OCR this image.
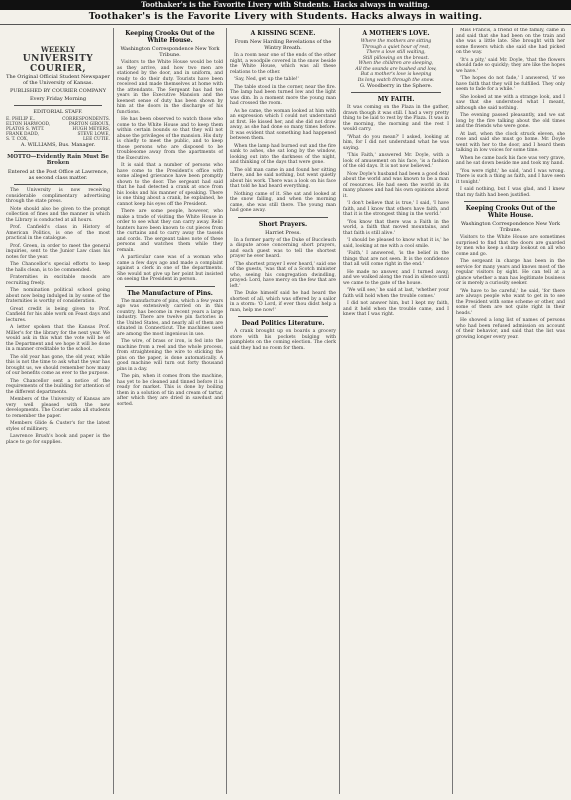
Toothaker's is the Favorite Livery with Students. Hacks always in waiting.
Toothaker's is the Favorite Livery with Students. Hacks always in waiting.
WEEKLY
UNIVERSITY COURIER,
The Original Official Student Newspaper of the University of Kansas.
PUBLISHED BY COURIER COMPANY
Every Friday Morning
EDITORIAL STAFF.
E. PHILIP E..	CORRESPONDENTS.
ELTON HARWOOD,	PARTON GIROUX,
PLATOS S. WITT.	HUGH MEYERS,
FRANK DADD,	STEVE LOWE,
S. T. COX,	LEE CUTIE.
A. WILLIAMS, Bus. Manager.
MOTTO—Evidently Rain Must Be Broken
Entered at the Post Office at Lawrence, as second class matter.

The University is now receiving considerable complimentary advertising through the state press.

Note should also be given to the prompt collection of fines and the manner in which the Library is conducted at all hours.

Prof. Canfield's class in History of American Politics, is one of the most practical in the catalogue.

Prof. Green, in order to meet the general inquiries, sent to the Junior Law class his notes for the year.

The Chancellor's special efforts to keep the halls clean, is to be commended.

Fraternities in excitable moods are recruiting freely.

The nomination political school going about now being indulged in by some of the fraternities is worthy of consideration.

Great credit is being given to Prof. Canfield for his able work on Feast days and lectures.

A letter spoken that the Kansas Prof. Miller's for the library for the next year. We would ask in this what the vote will be of the Department and we hope it will be done in a manner creditable to the school.

The old year has gone, the old year, while this is not the time to ask what the year has brought us, we should remember how many of our benefits come as ever to the purpose.

The Chancellor sent a notice of the requirements of the building for attention of the different departments.

Members of the University of Kansas are very well pleased with the new developments. The Courier asks all students to remember the paper.

Members Glide & Custer's for the latest styles of millinery.

Lawrence Brush's book and paper is the place to go for supplies.

Keeping Crooks Out of the White House.
Washington Correspondence New York Tribune.

Visitors to the White House would be told as they arrive, and how two men are stationed by the door, and in uniform, and ready to do their duty. Tourists have been received and made themselves at home with the attendants. The Sergeant has had ten years in the Executive Mansion and the keenest sense of duty has been shown by him at the doors in the discharge of his functions.

He has been observed to watch those who come to the White House and to keep them within certain bounds so that they will not abuse the privileges of the mansion. His duty is chiefly to meet the public, and to keep those persons who are disposed to be troublesome away from the apartments of the Executive.

It is said that a number of persons who have come to the President's office with some alleged grievance have been promptly shown to the door. The sergeant had said that he had detected a crank at once from his looks and his manner of speaking. There is one thing about a crank, he explained, he cannot keep his eyes off the President.

There are some people, however, who make a trade of visiting the White House in order to see what they can carry away. Relic hunters have been known to cut pieces from the curtains and to carry away the tassels and cords. The sergeant takes note of these persons and watches them while they remain.

A particular case was of a woman who came a few days ago and made a complaint against a clerk in one of the departments. She would not give up her point but insisted on seeing the President in person.

The Manufacture of Pins.

The manufacture of pins, which a few years ago was extensively carried on in this country, has become in recent years a large industry. There are twelve pin factories in the United States, and nearly all of them are situated in Connecticut. The machines used are among the most ingenious in use.

The wire, of brass or iron, is fed into the machine from a reel and the whole process, from straightening the wire to sticking the pins on the paper, is done automatically. A good machine will turn out forty thousand pins in a day.

The pin, when it comes from the machine, has yet to be cleaned and tinned before it is ready for market. This is done by boiling them in a solution of tin and cream of tartar, after which they are dried in sawdust and sorted.

A KISSING SCENE.
From New Harding Revelations of the Wintry Breath.

In a room near one of the ends of the other night, a woodpile covered in the snow beside the White House, which was all these relations to the other.

'Say, Ned, get up the table!'

The table stood in the corner, near the fire. The lamp had been turned low and the light was dim. In a moment more the young man had crossed the room.

As he came, the woman looked at him with an expression which I could not understand at first. He kissed her, and she did not draw away, as she had done so many times before. It was evident that something had happened between them.

When the lamp had burned out and the fire sank to ashes, she sat long by the window, looking out into the darkness of the night, and thinking of the days that were gone.

The old man came in and found her sitting there, and he said nothing, but went quietly about his work. There was a look on his face that told he had heard everything.

Nothing came of it. She sat and looked at the snow falling, and when the morning came, she was still there. The young man had gone away.

Short Prayers.
Harriet Press.

In a former party of the Duke of Buccleuch a dispute arose concerning short prayers, and each guest was to tell the shortest prayer he ever heard.

'The shortest prayer I ever heard,' said one of the guests, 'was that of a Scotch minister who, seeing his congregation dwindling, prayed: Lord, have mercy on the few that are left.'

The Duke himself said he had heard the shortest of all, which was offered by a sailor in a storm: 'O Lord, if ever thou didst help a man, help me now!'

Dead Politics Literature.

A crank brought up on boards a grocery store with his pockets bulging with pamphlets on the coming election. The clerk said they had no room for them.

A MOTHER'S LOVE.

Where the mothers are sitting

Through a quiet hour of rest,

There a love still waiting,

Still pillowing on the breast.

When the children are sleeping,

All the sounds are hushed and low,

But a mother's love is keeping

Its long watch through the snow.

G. Woodberry in the Sphere.
MY FAITH.

It was coming on the Plaza in the gather, drawn though it was still. I had a very pretty thing to be laid to rest by the Plaza. It was in the morning, the morning and the rest I would carry.

'What do you mean?' I asked, looking at him, for I did not understand what he was saying.

'This Faith,' answered Mr. Doyle, with a look of amusement on his face, 'is a fashion of the old days. It is not now believed.'

Now Doyle's husband had been a good deal about the world and was known to be a man of resources. He had seen the world in its many phases and had his own opinions about it.

'I don't believe that is true,' I said, 'I have faith, and I know that others have faith, and that it is the strongest thing in the world.'

'You know that there was a Faith in the world, a faith that moved mountains, and that faith is still alive.'

'I should be pleased to know what it is,' he said, looking at me with a cool smile.

'Faith,' I answered, 'is the belief in the things that are not seen. It is the confidence that all will come right in the end.'

He made no answer, and I turned away, and we walked along the road in silence until we came to the gate of the house.

'We will see,' he said at last, 'whether your faith will hold when the trouble comes.'

I did not answer him, but I kept my faith, and it held when the trouble came, and I knew that I was right.

Miss Francis, a friend of the family, came in and said that she had been on the train and she was a little late. She brought with her some flowers which she said she had picked on the way.

'It's a pity,' said Mr. Doyle, 'that the flowers should fade so quickly; they are like the hopes we have.'

'The hopes do not fade,' I answered, 'if we have faith that they will be fulfilled. They only seem to fade for a while.'

She looked at me with a strange look, and I saw that she understood what I meant, although she said nothing.

The evening passed pleasantly, and we sat long by the fire talking about the old times and the friends who were gone.

At last, when the clock struck eleven, she rose and said she must go home. Mr. Doyle went with her to the door, and I heard them talking in low voices for some time.

When he came back his face was very grave, and he sat down beside me and took my hand.

'You were right,' he said, 'and I was wrong. There is such a thing as faith, and I have seen it tonight.'

I said nothing, but I was glad, and I knew that my faith had been justified.

Keeping Crooks Out of the White House.
Washington Correspondence New York Tribune.

Visitors to the White House are sometimes surprised to find that the doors are guarded by men who keep a sharp lookout on all who come and go.

The sergeant in charge has been in the service for many years and knows most of the regular visitors by sight. He can tell at a glance whether a man has legitimate business or is merely a curiosity seeker.

'We have to be careful,' he said, 'for there are always people who want to get in to see the President with some scheme or other, and some of them are not quite right in their heads.'

He showed a long list of names of persons who had been refused admission on account of their behavior, and said that the list was growing longer every year.
